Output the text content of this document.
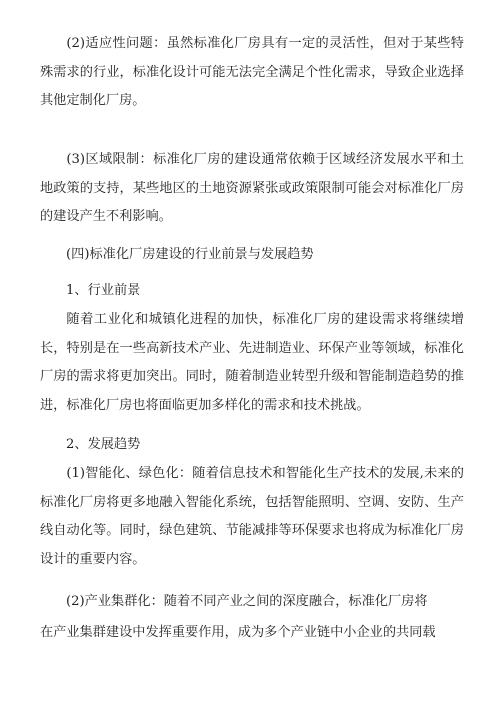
(2)适应性问题：虽然标准化厂房具有一定的灵活性，但对于某些特殊需求的行业，标准化设计可能无法完全满足个性化需求，导致企业选择其他定制化厂房。
(3)区域限制：标准化厂房的建设通常依赖于区域经济发展水平和土地政策的支持，某些地区的土地资源紧张或政策限制可能会对标准化厂房的建设产生不利影响。
(四)标准化厂房建设的行业前景与发展趋势
1、行业前景
随着工业化和城镇化进程的加快，标准化厂房的建设需求将继续增长，特别是在一些高新技术产业、先进制造业、环保产业等领域，标准化厂房的需求将更加突出。同时，随着制造业转型升级和智能制造趋势的推进，标准化厂房也将面临更加多样化的需求和技术挑战。
2、发展趋势
(1)智能化、绿色化：随着信息技术和智能化生产技术的发展,未来的标准化厂房将更多地融入智能化系统，包括智能照明、空调、安防、生产线自动化等。同时，绿色建筑、节能减排等环保要求也将成为标准化厂房设计的重要内容。
(2)产业集群化：随着不同产业之间的深度融合，标准化厂房将
在产业集群建设中发挥重要作用，成为多个产业链中小企业的共同载
